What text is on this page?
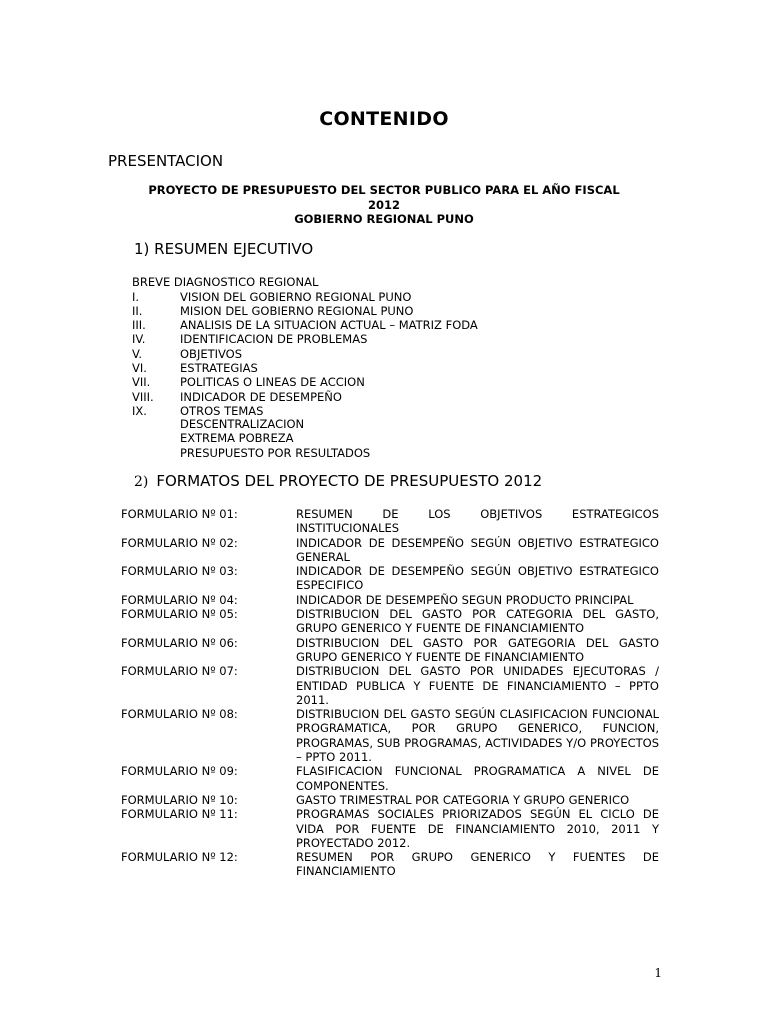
CONTENIDO
PRESENTACION
PROYECTO DE PRESUPUESTO DEL SECTOR PUBLICO PARA EL AÑO FISCAL
2012
GOBIERNO REGIONAL PUNO
1) RESUMEN EJECUTIVO
BREVE DIAGNOSTICO REGIONAL
I.	VISION DEL GOBIERNO REGIONAL PUNO
II.	MISION DEL GOBIERNO REGIONAL PUNO
III.	ANALISIS DE LA SITUACION ACTUAL – MATRIZ FODA
IV.	IDENTIFICACION DE PROBLEMAS
V.	OBJETIVOS
VI.	ESTRATEGIAS
VII.	POLITICAS O LINEAS DE ACCION
VIII.	INDICADOR DE DESEMPEÑO
IX.	OTROS TEMAS
DESCENTRALIZACION
EXTREMA POBREZA
PRESUPUESTO POR RESULTADOS
2) FORMATOS DEL PROYECTO DE PRESUPUESTO 2012
FORMULARIO Nº 01:	RESUMEN DE LOS OBJETIVOS ESTRATEGICOS INSTITUCIONALES
FORMULARIO Nº 02:	INDICADOR DE DESEMPEÑO SEGÚN OBJETIVO ESTRATEGICO GENERAL
FORMULARIO Nº 03:	INDICADOR DE DESEMPEÑO SEGÚN OBJETIVO ESTRATEGICO ESPECIFICO
FORMULARIO Nº 04:	INDICADOR DE DESEMPEÑO SEGUN PRODUCTO PRINCIPAL
FORMULARIO Nº 05:	DISTRIBUCION DEL GASTO POR CATEGORIA DEL GASTO, GRUPO GENERICO Y FUENTE DE FINANCIAMIENTO
FORMULARIO Nº 06:	DISTRIBUCION DEL GASTO POR GATEGORIA DEL GASTO GRUPO GENERICO Y FUENTE DE FINANCIAMIENTO
FORMULARIO Nº 07:	DISTRIBUCION DEL GASTO POR UNIDADES EJECUTORAS / ENTIDAD PUBLICA Y FUENTE DE FINANCIAMIENTO – PPTO 2011.
FORMULARIO Nº 08:	DISTRIBUCION DEL GASTO SEGÚN CLASIFICACION FUNCIONAL PROGRAMATICA, POR GRUPO GENERICO, FUNCION, PROGRAMAS, SUB PROGRAMAS, ACTIVIDADES Y/O PROYECTOS – PPTO 2011.
FORMULARIO Nº 09:	FLASIFICACION FUNCIONAL PROGRAMATICA A NIVEL DE COMPONENTES.
FORMULARIO Nº 10:	GASTO TRIMESTRAL POR CATEGORIA Y GRUPO GENERICO
FORMULARIO Nº 11:	PROGRAMAS SOCIALES PRIORIZADOS SEGÚN EL CICLO DE VIDA POR FUENTE DE FINANCIAMIENTO 2010, 2011 Y PROYECTADO 2012.
FORMULARIO Nº 12:	RESUMEN POR GRUPO GENERICO Y FUENTES DE FINANCIAMIENTO
1
